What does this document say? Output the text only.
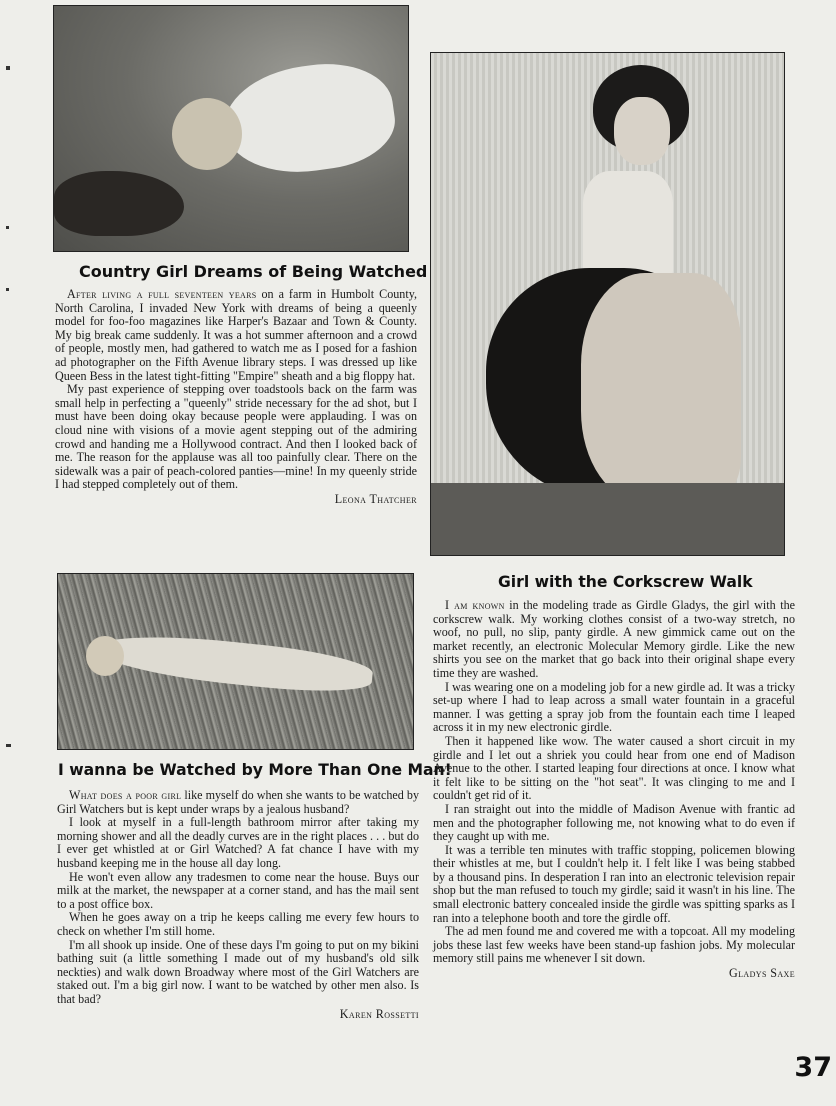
Country Girl Dreams of Being Watched

After living a full seventeen years on a farm in Humbolt County, North Carolina, I invaded New York with dreams of being a queenly model for foo-foo magazines like Harper's Bazaar and Town & County. My big break came suddenly. It was a hot summer afternoon and a crowd of people, mostly men, had gathered to watch me as I posed for a fashion ad photographer on the Fifth Avenue library steps. I was dressed up like Queen Bess in the latest tight-fitting "Empire" sheath and a big floppy hat.

My past experience of stepping over toadstools back on the farm was small help in perfecting a "queenly" stride necessary for the ad shot, but I must have been doing okay because people were applauding. I was on cloud nine with visions of a movie agent stepping out of the admiring crowd and handing me a Hollywood contract. And then I looked back of me. The reason for the applause was all too painfully clear. There on the sidewalk was a pair of peach-colored panties—mine! In my queenly stride I had stepped completely out of them.

Leona Thatcher
I wanna be Watched by More Than One Man!

What does a poor girl like myself do when she wants to be watched by Girl Watchers but is kept under wraps by a jealous husband?

I look at myself in a full-length bathroom mirror after taking my morning shower and all the deadly curves are in the right places . . . but do I ever get whistled at or Girl Watched? A fat chance I have with my husband keeping me in the house all day long.

He won't even allow any tradesmen to come near the house. Buys our milk at the market, the newspaper at a corner stand, and has the mail sent to a post office box.

When he goes away on a trip he keeps calling me every few hours to check on whether I'm still home.

I'm all shook up inside. One of these days I'm going to put on my bikini bathing suit (a little something I made out of my husband's old silk neckties) and walk down Broadway where most of the Girl Watchers are staked out. I'm a big girl now. I want to be watched by other men also. Is that bad?

Karen Rossetti
Girl with the Corkscrew Walk

I am known in the modeling trade as Girdle Gladys, the girl with the corkscrew walk. My working clothes consist of a two-way stretch, no woof, no pull, no slip, panty girdle. A new gimmick came out on the market recently, an electronic Molecular Memory girdle. Like the new shirts you see on the market that go back into their original shape every time they are washed.

I was wearing one on a modeling job for a new girdle ad. It was a tricky set-up where I had to leap across a small water fountain in a graceful manner. I was getting a spray job from the fountain each time I leaped across it in my new electronic girdle.

Then it happened like wow. The water caused a short circuit in my girdle and I let out a shriek you could hear from one end of Madison Avenue to the other. I started leaping four directions at once. I know what it felt like to be sitting on the "hot seat". It was clinging to me and I couldn't get rid of it.

I ran straight out into the middle of Madison Avenue with frantic ad men and the photographer following me, not knowing what to do even if they caught up with me.

It was a terrible ten minutes with traffic stopping, policemen blowing their whistles at me, but I couldn't help it. I felt like I was being stabbed by a thousand pins. In desperation I ran into an electronic television repair shop but the man refused to touch my girdle; said it wasn't in his line. The small electronic battery concealed inside the girdle was spitting sparks as I ran into a telephone booth and tore the girdle off.

The ad men found me and covered me with a topcoat. All my modeling jobs these last few weeks have been stand-up fashion jobs. My molecular memory still pains me whenever I sit down.

Gladys Saxe
37
